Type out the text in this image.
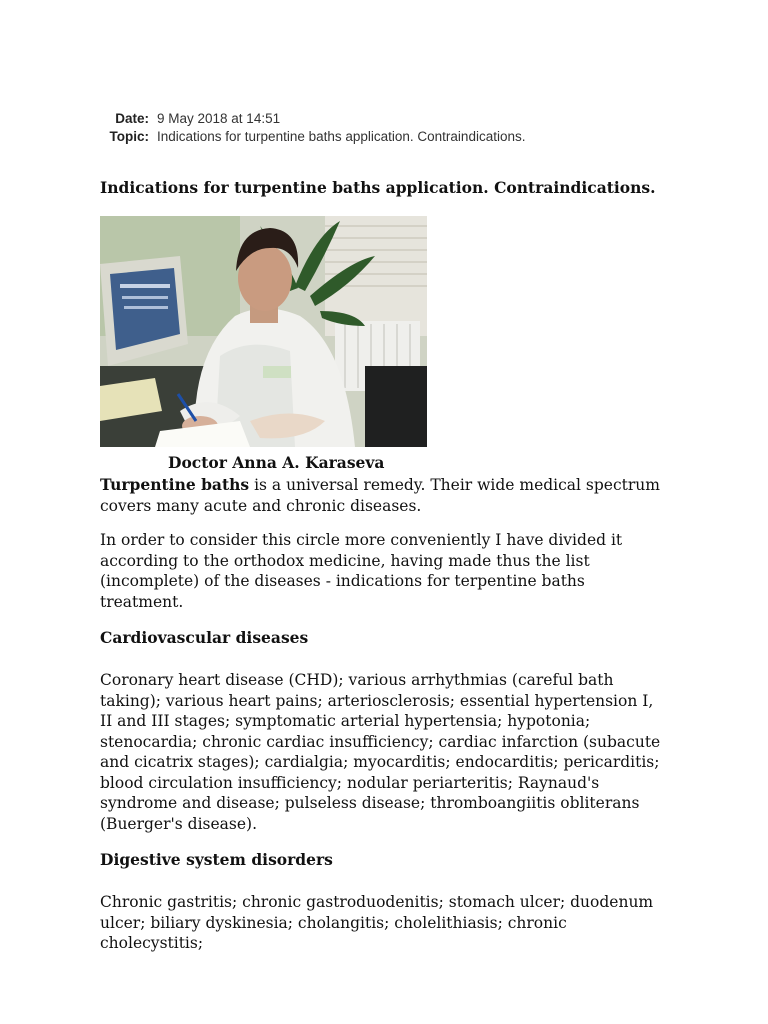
Date: 9 May 2018 at 14:51
Topic: Indications for turpentine baths application. Contraindications.
Indications for turpentine baths application. Contraindications.
Doctor Anna A. Karaseva

Turpentine baths is a universal remedy. Their wide medical spectrum covers many acute and chronic diseases.

In order to consider this circle more conveniently I have divided it according to the orthodox medicine, having made thus the list (incomplete) of the diseases - indications for terpentine baths treatment.

Cardiovascular diseases

Coronary heart disease (CHD); various arrhythmias (careful bath taking); various heart pains; arteriosclerosis; essential hypertension I, II and III stages; symptomatic arterial hypertensia; hypotonia; stenocardia; chronic cardiac insufficiency; cardiac infarction (subacute and cicatrix stages); cardialgia; myocarditis; endocarditis; pericarditis; blood circulation insufficiency; nodular periarteritis; Raynaud's syndrome and disease; pulseless disease; thromboangiitis obliterans (Buerger's disease).

Digestive system disorders

Chronic gastritis; chronic gastroduodenitis; stomach ulcer; duodenum ulcer; biliary dyskinesia; cholangitis; cholelithiasis; chronic cholecystitis;
